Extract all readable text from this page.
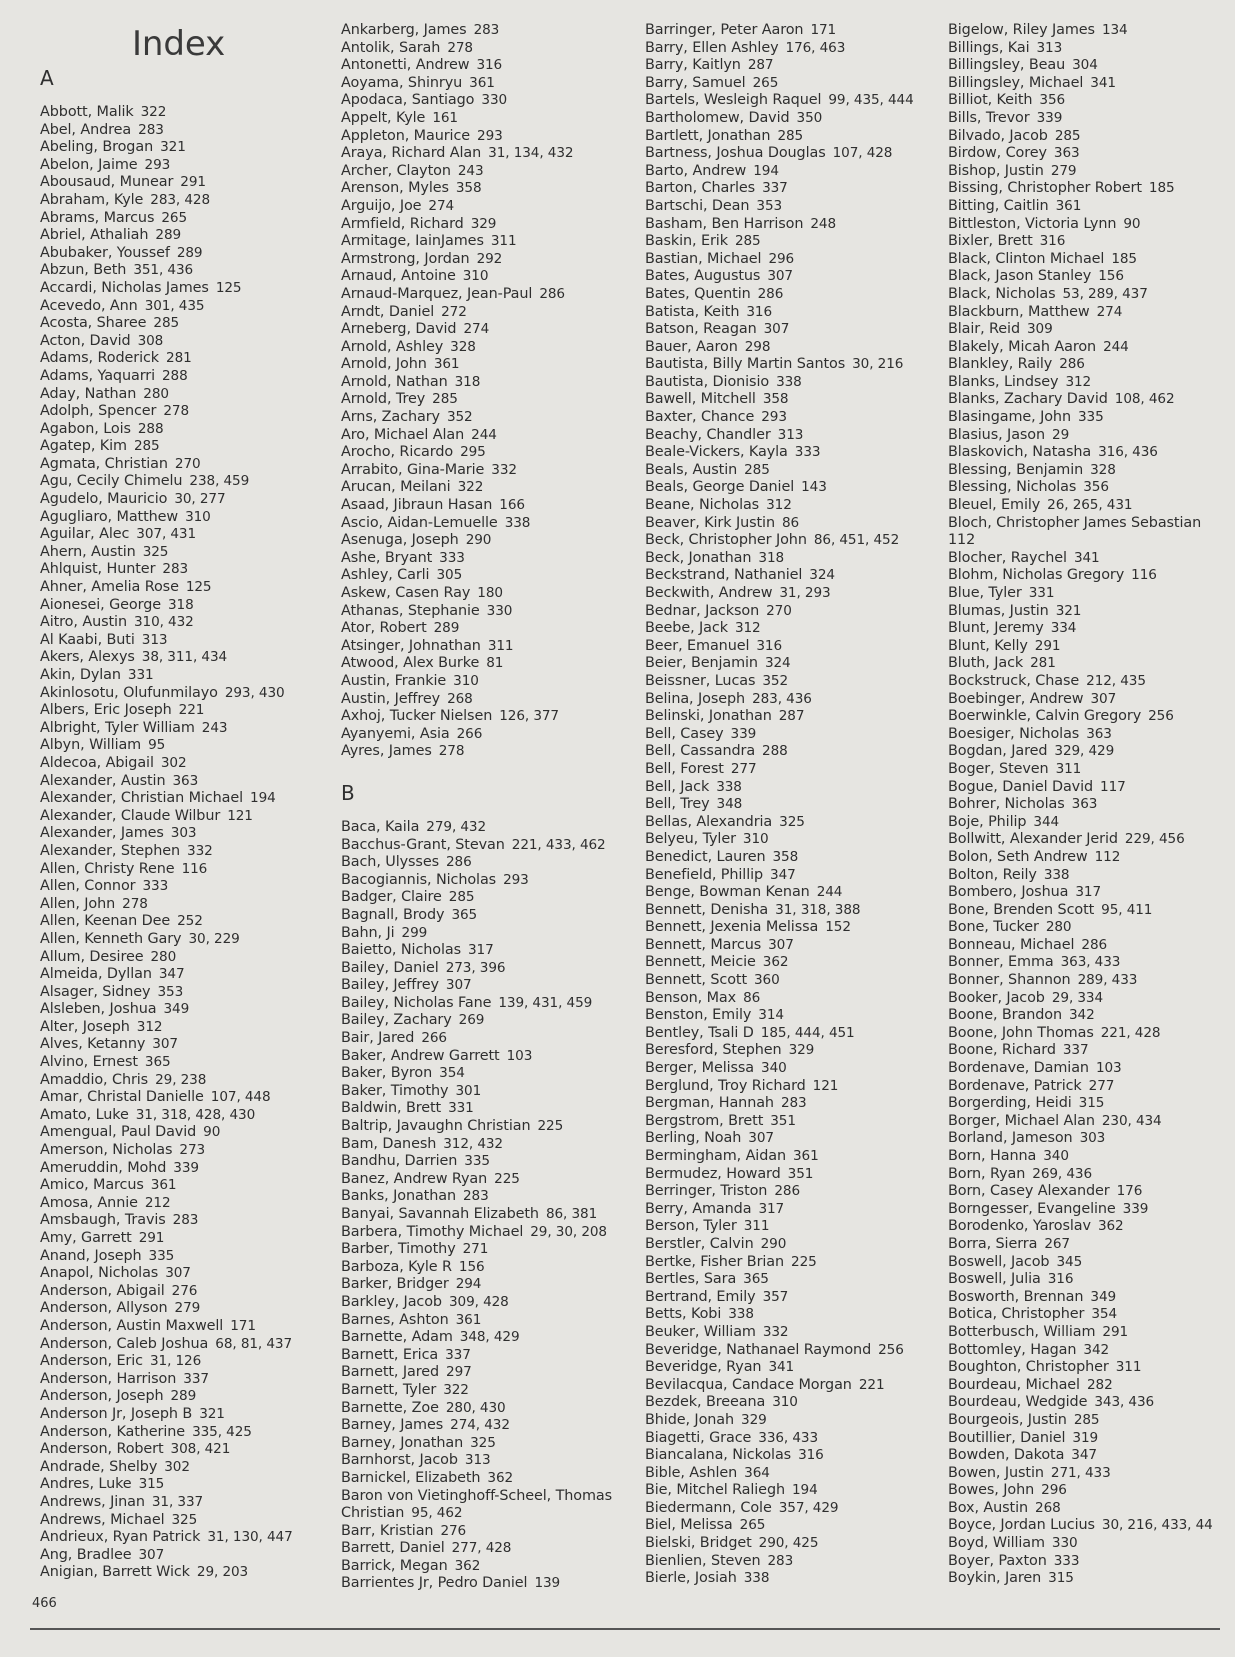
Index
A
Abbott, Malik 322
Abel, Andrea 283
Abeling, Brogan 321
Abelon, Jaime 293
Abousaud, Munear 291
Abraham, Kyle 283, 428
Abrams, Marcus 265
Abriel, Athaliah 289
Abubaker, Youssef 289
Abzun, Beth 351, 436
Accardi, Nicholas James 125
Acevedo, Ann 301, 435
Acosta, Sharee 285
Acton, David 308
Adams, Roderick 281
Adams, Yaquarri 288
Aday, Nathan 280
Adolph, Spencer 278
Agabon, Lois 288
Agatep, Kim 285
Agmata, Christian 270
Agu, Cecily Chimelu 238, 459
Agudelo, Mauricio 30, 277
Agugliaro, Matthew 310
Aguilar, Alec 307, 431
Ahern, Austin 325
Ahlquist, Hunter 283
Ahner, Amelia Rose 125
Aionesei, George 318
Aitro, Austin 310, 432
Al Kaabi, Buti 313
Akers, Alexys 38, 311, 434
Akin, Dylan 331
Akinlosotu, Olufunmilayo 293, 430
Albers, Eric Joseph 221
Albright, Tyler William 243
Albyn, William 95
Aldecoa, Abigail 302
Alexander, Austin 363
Alexander, Christian Michael 194
Alexander, Claude Wilbur 121
Alexander, James 303
Alexander, Stephen 332
Allen, Christy Rene 116
Allen, Connor 333
Allen, John 278
Allen, Keenan Dee 252
Allen, Kenneth Gary 30, 229
Allum, Desiree 280
Almeida, Dyllan 347
Alsager, Sidney 353
Alsleben, Joshua 349
Alter, Joseph 312
Alves, Ketanny 307
Alvino, Ernest 365
Amaddio, Chris 29, 238
Amar, Christal Danielle 107, 448
Amato, Luke 31, 318, 428, 430
Amengual, Paul David 90
Amerson, Nicholas 273
Ameruddin, Mohd 339
Amico, Marcus 361
Amosa, Annie 212
Amsbaugh, Travis 283
Amy, Garrett 291
Anand, Joseph 335
Anapol, Nicholas 307
Anderson, Abigail 276
Anderson, Allyson 279
Anderson, Austin Maxwell 171
Anderson, Caleb Joshua 68, 81, 437
Anderson, Eric 31, 126
Anderson, Harrison 337
Anderson, Joseph 289
Anderson Jr, Joseph B 321
Anderson, Katherine 335, 425
Anderson, Robert 308, 421
Andrade, Shelby 302
Andres, Luke 315
Andrews, Jinan 31, 337
Andrews, Michael 325
Andrieux, Ryan Patrick 31, 130, 447
Ang, Bradlee 307
Anigian, Barrett Wick 29, 203
Ankarberg, James 283
Antolik, Sarah 278
Antonetti, Andrew 316
Aoyama, Shinryu 361
Apodaca, Santiago 330
Appelt, Kyle 161
Appleton, Maurice 293
Araya, Richard Alan 31, 134, 432
Archer, Clayton 243
Arenson, Myles 358
Arguijo, Joe 274
Armfield, Richard 329
Armitage, IainJames 311
Armstrong, Jordan 292
Arnaud, Antoine 310
Arnaud-Marquez, Jean-Paul 286
Arndt, Daniel 272
Arneberg, David 274
Arnold, Ashley 328
Arnold, John 361
Arnold, Nathan 318
Arnold, Trey 285
Arns, Zachary 352
Aro, Michael Alan 244
Arocho, Ricardo 295
Arrabito, Gina-Marie 332
Arucan, Meilani 322
Asaad, Jibraun Hasan 166
Ascio, Aidan-Lemuelle 338
Asenuga, Joseph 290
Ashe, Bryant 333
Ashley, Carli 305
Askew, Casen Ray 180
Athanas, Stephanie 330
Ator, Robert 289
Atsinger, Johnathan 311
Atwood, Alex Burke 81
Austin, Frankie 310
Austin, Jeffrey 268
Axhoj, Tucker Nielsen 126, 377
Ayanyemi, Asia 266
Ayres, James 278
B
Baca, Kaila 279, 432
Bacchus-Grant, Stevan 221, 433, 462
Bach, Ulysses 286
Bacogiannis, Nicholas 293
Badger, Claire 285
Bagnall, Brody 365
Bahn, Ji 299
Baietto, Nicholas 317
Bailey, Daniel 273, 396
Bailey, Jeffrey 307
Bailey, Nicholas Fane 139, 431, 459
Bailey, Zachary 269
Bair, Jared 266
Baker, Andrew Garrett 103
Baker, Byron 354
Baker, Timothy 301
Baldwin, Brett 331
Baltrip, Javaughn Christian 225
Bam, Danesh 312, 432
Bandhu, Darrien 335
Banez, Andrew Ryan 225
Banks, Jonathan 283
Banyai, Savannah Elizabeth 86, 381
Barbera, Timothy Michael 29, 30, 208
Barber, Timothy 271
Barboza, Kyle R 156
Barker, Bridger 294
Barkley, Jacob 309, 428
Barnes, Ashton 361
Barnette, Adam 348, 429
Barnett, Erica 337
Barnett, Jared 297
Barnett, Tyler 322
Barnette, Zoe 280, 430
Barney, James 274, 432
Barney, Jonathan 325
Barnhorst, Jacob 313
Barnickel, Elizabeth 362
Baron von Vietinghoff-Scheel, Thomas
Christian 95, 462
Barr, Kristian 276
Barrett, Daniel 277, 428
Barrick, Megan 362
Barrientes Jr, Pedro Daniel 139
Barringer, Peter Aaron 171
Barry, Ellen Ashley 176, 463
Barry, Kaitlyn 287
Barry, Samuel 265
Bartels, Wesleigh Raquel 99, 435, 444
Bartholomew, David 350
Bartlett, Jonathan 285
Bartness, Joshua Douglas 107, 428
Barto, Andrew 194
Barton, Charles 337
Bartschi, Dean 353
Basham, Ben Harrison 248
Baskin, Erik 285
Bastian, Michael 296
Bates, Augustus 307
Bates, Quentin 286
Batista, Keith 316
Batson, Reagan 307
Bauer, Aaron 298
Bautista, Billy Martin Santos 30, 216
Bautista, Dionisio 338
Bawell, Mitchell 358
Baxter, Chance 293
Beachy, Chandler 313
Beale-Vickers, Kayla 333
Beals, Austin 285
Beals, George Daniel 143
Beane, Nicholas 312
Beaver, Kirk Justin 86
Beck, Christopher John 86, 451, 452
Beck, Jonathan 318
Beckstrand, Nathaniel 324
Beckwith, Andrew 31, 293
Bednar, Jackson 270
Beebe, Jack 312
Beer, Emanuel 316
Beier, Benjamin 324
Beissner, Lucas 352
Belina, Joseph 283, 436
Belinski, Jonathan 287
Bell, Casey 339
Bell, Cassandra 288
Bell, Forest 277
Bell, Jack 338
Bell, Trey 348
Bellas, Alexandria 325
Belyeu, Tyler 310
Benedict, Lauren 358
Benefield, Phillip 347
Benge, Bowman Kenan 244
Bennett, Denisha 31, 318, 388
Bennett, Jexenia Melissa 152
Bennett, Marcus 307
Bennett, Meicie 362
Bennett, Scott 360
Benson, Max 86
Benston, Emily 314
Bentley, Tsali D 185, 444, 451
Beresford, Stephen 329
Berger, Melissa 340
Berglund, Troy Richard 121
Bergman, Hannah 283
Bergstrom, Brett 351
Berling, Noah 307
Bermingham, Aidan 361
Bermudez, Howard 351
Berringer, Triston 286
Berry, Amanda 317
Berson, Tyler 311
Berstler, Calvin 290
Bertke, Fisher Brian 225
Bertles, Sara 365
Bertrand, Emily 357
Betts, Kobi 338
Beuker, William 332
Beveridge, Nathanael Raymond 256
Beveridge, Ryan 341
Bevilacqua, Candace Morgan 221
Bezdek, Breeana 310
Bhide, Jonah 329
Biagetti, Grace 336, 433
Biancalana, Nickolas 316
Bible, Ashlen 364
Bie, Mitchel Raliegh 194
Biedermann, Cole 357, 429
Biel, Melissa 265
Bielski, Bridget 290, 425
Bienlien, Steven 283
Bierle, Josiah 338
Bigelow, Riley James 134
Billings, Kai 313
Billingsley, Beau 304
Billingsley, Michael 341
Billiot, Keith 356
Bills, Trevor 339
Bilvado, Jacob 285
Birdow, Corey 363
Bishop, Justin 279
Bissing, Christopher Robert 185
Bitting, Caitlin 361
Bittleston, Victoria Lynn 90
Bixler, Brett 316
Black, Clinton Michael 185
Black, Jason Stanley 156
Black, Nicholas 53, 289, 437
Blackburn, Matthew 274
Blair, Reid 309
Blakely, Micah Aaron 244
Blankley, Raily 286
Blanks, Lindsey 312
Blanks, Zachary David 108, 462
Blasingame, John 335
Blasius, Jason 29
Blaskovich, Natasha 316, 436
Blessing, Benjamin 328
Blessing, Nicholas 356
Bleuel, Emily 26, 265, 431
Bloch, Christopher James Sebastian
112
Blocher, Raychel 341
Blohm, Nicholas Gregory 116
Blue, Tyler 331
Blumas, Justin 321
Blunt, Jeremy 334
Blunt, Kelly 291
Bluth, Jack 281
Bockstruck, Chase 212, 435
Boebinger, Andrew 307
Boerwinkle, Calvin Gregory 256
Boesiger, Nicholas 363
Bogdan, Jared 329, 429
Boger, Steven 311
Bogue, Daniel David 117
Bohrer, Nicholas 363
Boje, Philip 344
Bollwitt, Alexander Jerid 229, 456
Bolon, Seth Andrew 112
Bolton, Reily 338
Bombero, Joshua 317
Bone, Brenden Scott 95, 411
Bone, Tucker 280
Bonneau, Michael 286
Bonner, Emma 363, 433
Bonner, Shannon 289, 433
Booker, Jacob 29, 334
Boone, Brandon 342
Boone, John Thomas 221, 428
Boone, Richard 337
Bordenave, Damian 103
Bordenave, Patrick 277
Borgerding, Heidi 315
Borger, Michael Alan 230, 434
Borland, Jameson 303
Born, Hanna 340
Born, Ryan 269, 436
Born, Casey Alexander 176
Borngesser, Evangeline 339
Borodenko, Yaroslav 362
Borra, Sierra 267
Boswell, Jacob 345
Boswell, Julia 316
Bosworth, Brennan 349
Botica, Christopher 354
Botterbusch, William 291
Bottomley, Hagan 342
Boughton, Christopher 311
Bourdeau, Michael 282
Bourdeau, Wedgide 343, 436
Bourgeois, Justin 285
Boutillier, Daniel 319
Bowden, Dakota 347
Bowen, Justin 271, 433
Bowes, John 296
Box, Austin 268
Boyce, Jordan Lucius 30, 216, 433, 44
Boyd, William 330
Boyer, Paxton 333
Boykin, Jaren 315
466
